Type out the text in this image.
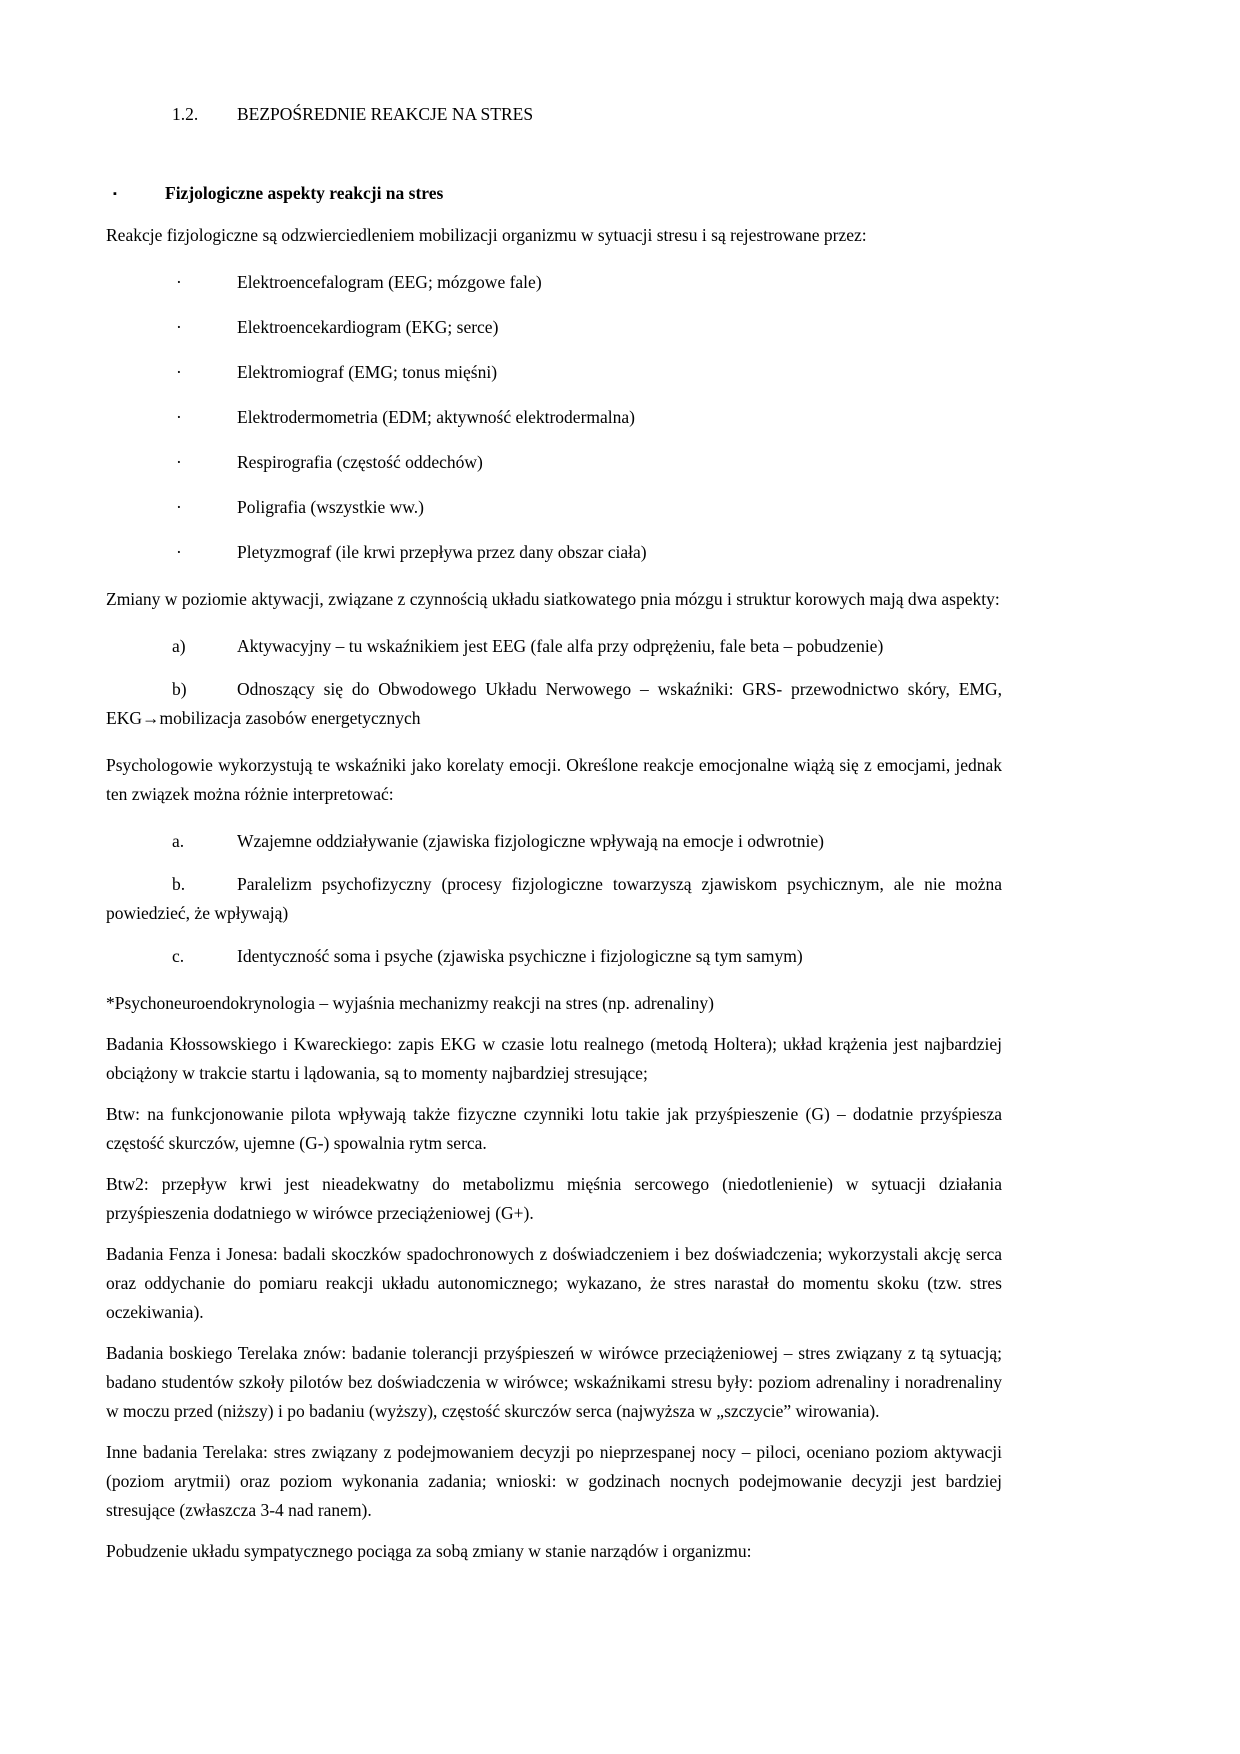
1.2. BEZPOŚREDNIE REAKCJE NA STRES
▪	Fizjologiczne aspekty reakcji na stres

Reakcje fizjologiczne są odzwierciedleniem mobilizacji organizmu w sytuacji stresu i są rejestrowane przez:

·	Elektroencefalogram (EEG; mózgowe fale)
·	Elektroencekardiogram (EKG; serce)
·	Elektromiograf (EMG; tonus mięśni)
·	Elektrodermometria (EDM; aktywność elektrodermalna)
·	Respirografia (częstość oddechów)
·	Poligrafia (wszystkie ww.)
·	Pletyzmograf (ile krwi przepływa przez dany obszar ciała)

Zmiany w poziomie aktywacji, związane z czynnością układu siatkowatego pnia mózgu i struktur korowych mają dwa aspekty:

a)	Aktywacyjny – tu wskaźnikiem jest EEG (fale alfa przy odprężeniu, fale beta – pobudzenie)
b)	Odnoszący się do Obwodowego Układu Nerwowego – wskaźniki: GRS- przewodnictwo skóry, EMG, EKG→mobilizacja zasobów energetycznych

Psychologowie wykorzystują te wskaźniki jako korelaty emocji. Określone reakcje emocjonalne wiążą się z emocjami, jednak ten związek można różnie interpretować:

a.	Wzajemne oddziaływanie (zjawiska fizjologiczne wpływają na emocje i odwrotnie)
b.	Paralelizm psychofizyczny (procesy fizjologiczne towarzyszą zjawiskom psychicznym, ale nie można powiedzieć, że wpływają)
c.	Identyczność soma i psyche (zjawiska psychiczne i fizjologiczne są tym samym)

*Psychoneuroendokrynologia – wyjaśnia mechanizmy reakcji na stres (np. adrenaliny)

Badania Kłossowskiego i Kwareckiego: zapis EKG w czasie lotu realnego (metodą Holtera); układ krążenia jest najbardziej obciążony w trakcie startu i lądowania, są to momenty najbardziej stresujące;

Btw: na funkcjonowanie pilota wpływają także fizyczne czynniki lotu takie jak przyśpieszenie (G) – dodatnie przyśpiesza częstość skurczów, ujemne (G-) spowalnia rytm serca.

Btw2: przepływ krwi jest nieadekwatny do metabolizmu mięśnia sercowego (niedotlenienie) w sytuacji działania przyśpieszenia dodatniego w wirówce przeciążeniowej (G+).

Badania Fenza i Jonesa: badali skoczków spadochronowych z doświadczeniem i bez doświadczenia; wykorzystali akcję serca oraz oddychanie do pomiaru reakcji układu autonomicznego; wykazano, że stres narastał do momentu skoku (tzw. stres oczekiwania).

Badania boskiego Terelaka znów: badanie tolerancji przyśpieszeń w wirówce przeciążeniowej – stres związany z tą sytuacją; badano studentów szkoły pilotów bez doświadczenia w wirówce; wskaźnikami stresu były: poziom adrenaliny i noradrenaliny w moczu przed (niższy) i po badaniu (wyższy), częstość skurczów serca (najwyższa w „szczycie” wirowania).

Inne badania Terelaka: stres związany z podejmowaniem decyzji po nieprzespanej nocy – piloci, oceniano poziom aktywacji (poziom arytmii) oraz poziom wykonania zadania; wnioski: w godzinach nocnych podejmowanie decyzji jest bardziej stresujące (zwłaszcza 3-4 nad ranem).

Pobudzenie układu sympatycznego pociąga za sobą zmiany w stanie narządów i organizmu:
